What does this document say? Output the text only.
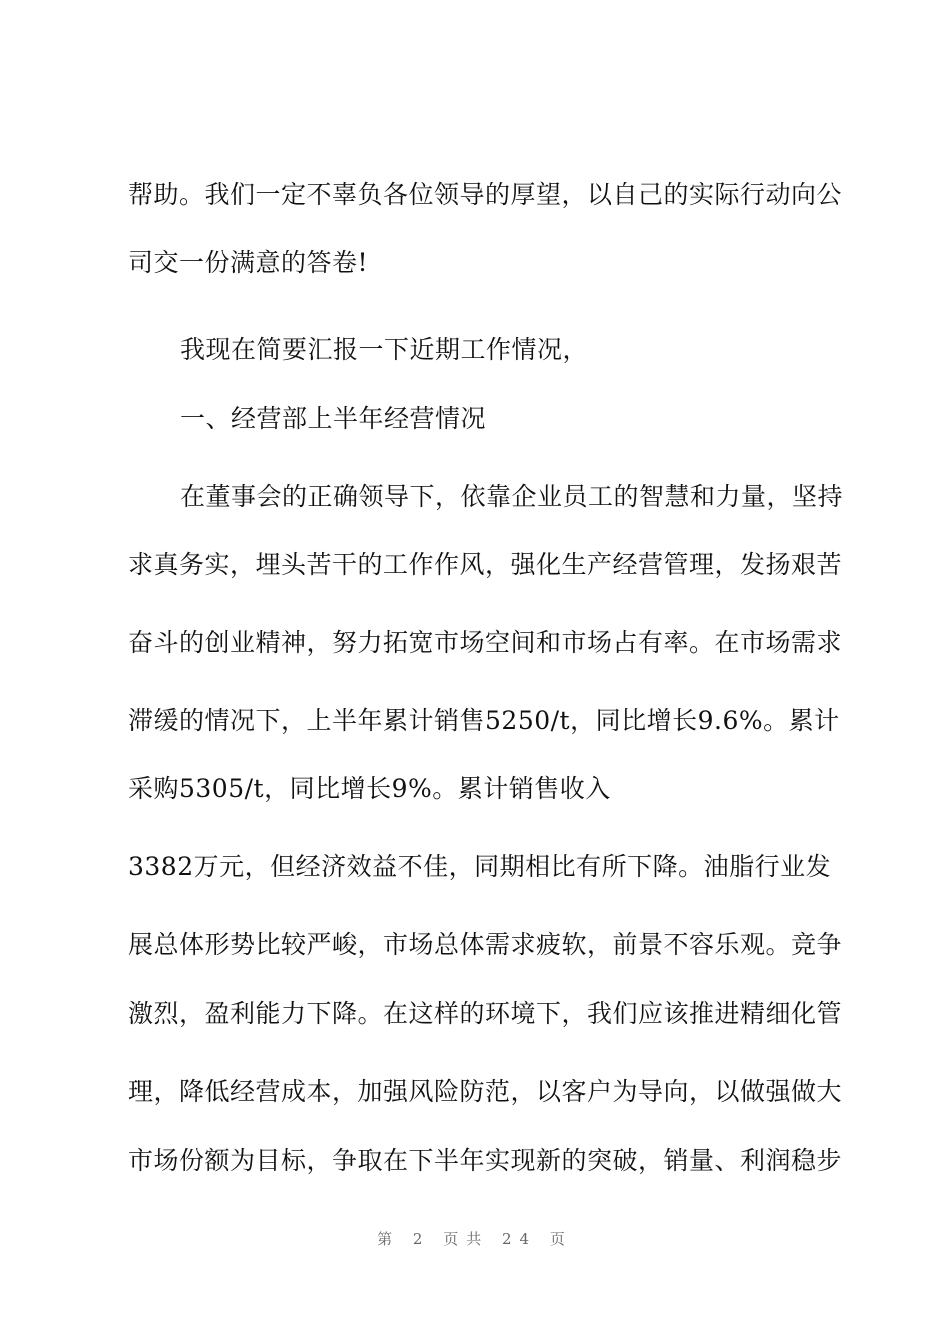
帮助。我们一定不辜负各位领导的厚望，以自己的实际行动向公
司交一份满意的答卷!
我现在简要汇报一下近期工作情况，
一、经营部上半年经营情况
在董事会的正确领导下，依靠企业员工的智慧和力量，坚持
求真务实，埋头苦干的工作作风，强化生产经营管理，发扬艰苦
奋斗的创业精神，努力拓宽市场空间和市场占有率。在市场需求
滞缓的情况下，上半年累计销售5250/t，同比增长9.6%。累计
采购5305/t，同比增长9%。累计销售收入
3382万元，但经济效益不佳，同期相比有所下降。油脂行业发
展总体形势比较严峻，市场总体需求疲软，前景不容乐观。竞争
激烈，盈利能力下降。在这样的环境下，我们应该推进精细化管
理，降低经营成本，加强风险防范，以客户为导向，以做强做大
市场份额为目标，争取在下半年实现新的突破，销量、利润稳步
第 2 页共 24 页
